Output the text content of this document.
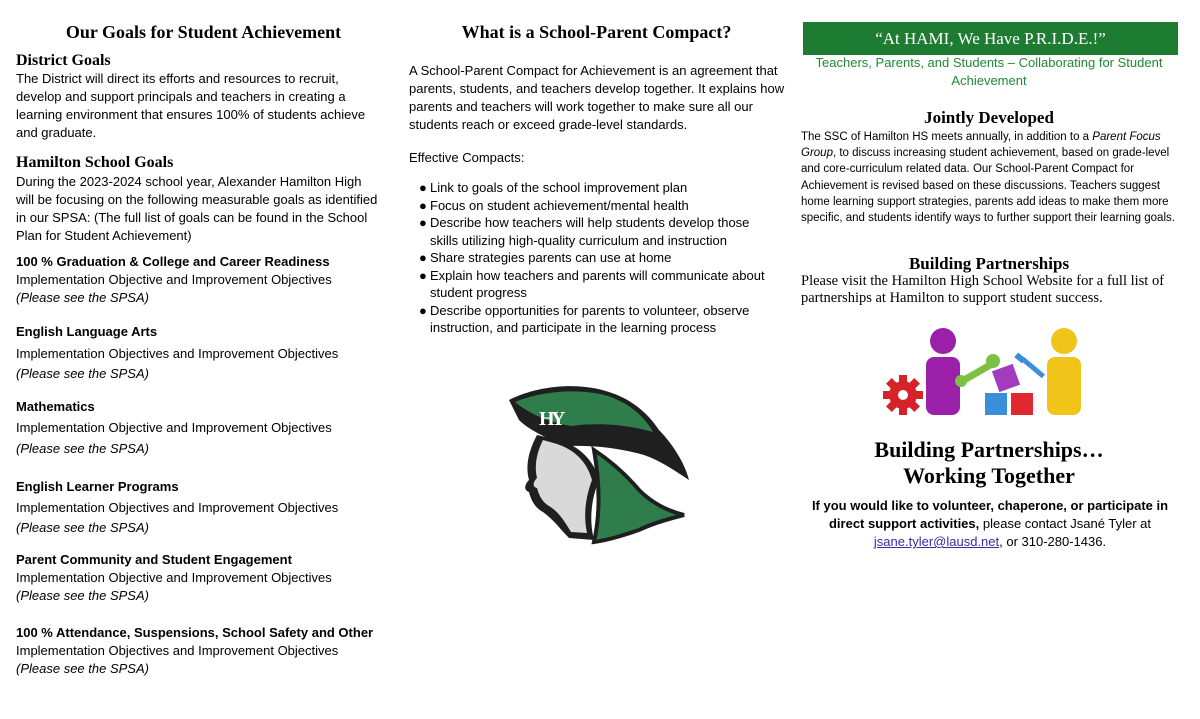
Our Goals for Student Achievement
District Goals
The District will direct its efforts and resources to recruit, develop and support principals and teachers in creating a learning environment that ensures 100% of students achieve and graduate.
Hamilton School Goals
During the 2023-2024 school year, Alexander Hamilton High will be focusing on the following measurable goals as identified in our SPSA: (The full list of goals can be found in the School Plan for Student Achievement)
100 % Graduation & College and Career Readiness
Implementation Objective and Improvement Objectives
(Please see the SPSA)
English Language Arts
Implementation Objectives and Improvement Objectives
(Please see the SPSA)
Mathematics
Implementation Objective and Improvement Objectives
(Please see the SPSA)
English Learner Programs
Implementation Objectives and Improvement Objectives
(Please see the SPSA)
Parent Community and Student Engagement
Implementation Objective and Improvement Objectives
(Please see the SPSA)
100 % Attendance, Suspensions, School Safety and Other
Implementation Objectives and Improvement Objectives
(Please see the SPSA)
What is a School-Parent Compact?
A School-Parent Compact for Achievement is an agreement that parents, students, and teachers develop together. It explains how parents and teachers will work together to make sure all our students reach or exceed grade-level standards.
Effective Compacts:
● Link to goals of the school improvement plan
● Focus on student achievement/mental health
● Describe how teachers will help students develop those skills utilizing high-quality curriculum and instruction
● Share strategies parents can use at home
● Explain how teachers and parents will communicate about student progress
● Describe opportunities for parents to volunteer, observe instruction, and participate in the learning process
H
Y
“At HAMI, We Have P.R.I.D.E.!”
Teachers, Parents, and Students – Collaborating for Student Achievement
Jointly Developed
The SSC of Hamilton HS meets annually, in addition to a Parent Focus Group, to discuss increasing student achievement, based on grade-level and core-curriculum related data. Our School-Parent Compact for Achievement is revised based on these discussions. Teachers suggest home learning support strategies, parents add ideas to make them more specific, and students identify ways to further support their learning goals.
Building Partnerships
Please visit the Hamilton High School Website for a full list of partnerships at Hamilton to support student success.
Building Partnerships…
Working Together
If you would like to volunteer, chaperone, or participate in direct support activities, please contact Jsané Tyler at
jsane.tyler@lausd.net, or 310-280-1436.
